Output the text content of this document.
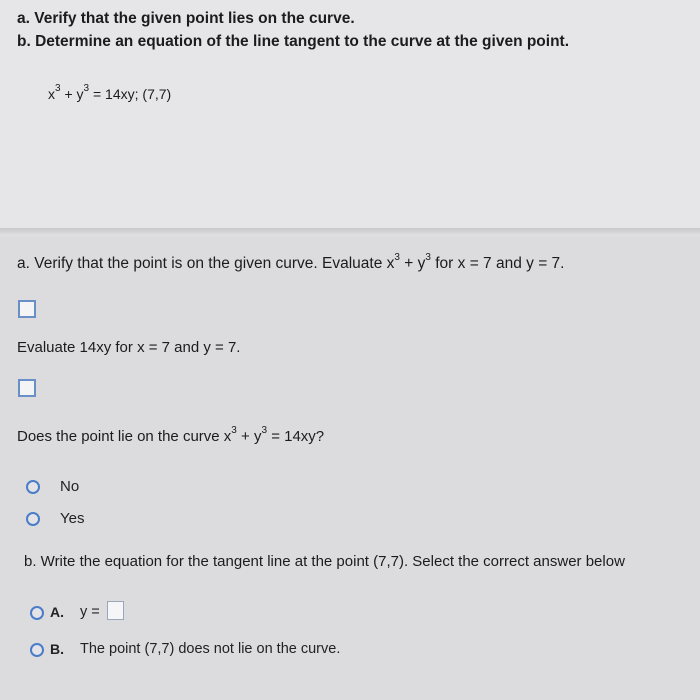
a. Verify that the given point lies on the curve.
b. Determine an equation of the line tangent to the curve at the given point.
$x^3 + y^3 = 14xy$; (7,7)
a. Verify that the point is on the given curve. Evaluate $x^3 + y^3$ for x = 7 and y = 7.
Evaluate 14xy for x = 7 and y = 7.
Does the point lie on the curve $x^3 + y^3 = 14xy$?
No
Yes
b. Write the equation for the tangent line at the point (7,7). Select the correct answer below
A. y =
B. The point (7,7) does not lie on the curve.
